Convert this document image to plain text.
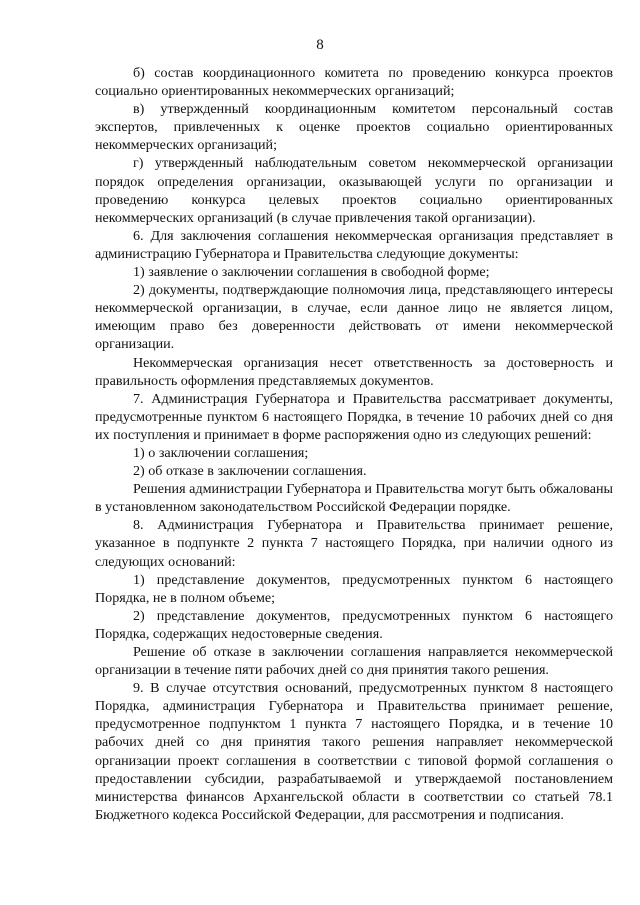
8

б) состав координационного комитета по проведению конкурса проектов социально ориентированных некоммерческих организаций;

в) утвержденный координационным комитетом персональный состав экспертов, привлеченных к оценке проектов социально ориентированных некоммерческих организаций;

г) утвержденный наблюдательным советом некоммерческой организации порядок определения организации, оказывающей услуги по организации и проведению конкурса целевых проектов социально ориентированных некоммерческих организаций (в случае привлечения такой организации).

6. Для заключения соглашения некоммерческая организация представляет в администрацию Губернатора и Правительства следующие документы:

1) заявление о заключении соглашения в свободной форме;

2) документы, подтверждающие полномочия лица, представляющего интересы некоммерческой организации, в случае, если данное лицо не является лицом, имеющим право без доверенности действовать от имени некоммерческой организации.

Некоммерческая организация несет ответственность за достоверность и правильность оформления представляемых документов.

7. Администрация Губернатора и Правительства рассматривает документы, предусмотренные пунктом 6 настоящего Порядка, в течение 10 рабочих дней со дня их поступления и принимает в форме распоряжения одно из следующих решений:

1) о заключении соглашения;

2) об отказе в заключении соглашения.

Решения администрации Губернатора и Правительства могут быть обжалованы в установленном законодательством Российской Федерации порядке.

8. Администрация Губернатора и Правительства принимает решение, указанное в подпункте 2 пункта 7 настоящего Порядка, при наличии одного из следующих оснований:

1) представление документов, предусмотренных пунктом 6 настоящего Порядка, не в полном объеме;

2) представление документов, предусмотренных пунктом 6 настоящего Порядка, содержащих недостоверные сведения.

Решение об отказе в заключении соглашения направляется некоммерческой организации в течение пяти рабочих дней со дня принятия такого решения.

9. В случае отсутствия оснований, предусмотренных пунктом 8 настоящего Порядка, администрация Губернатора и Правительства принимает решение, предусмотренное подпунктом 1 пункта 7 настоящего Порядка, и в течение 10 рабочих дней со дня принятия такого решения направляет некоммерческой организации проект соглашения в соответствии с типовой формой соглашения о предоставлении субсидии, разрабатываемой и утверждаемой постановлением министерства финансов Архангельской области в соответствии со статьей 78.1 Бюджетного кодекса Российской Федерации, для рассмотрения и подписания.
